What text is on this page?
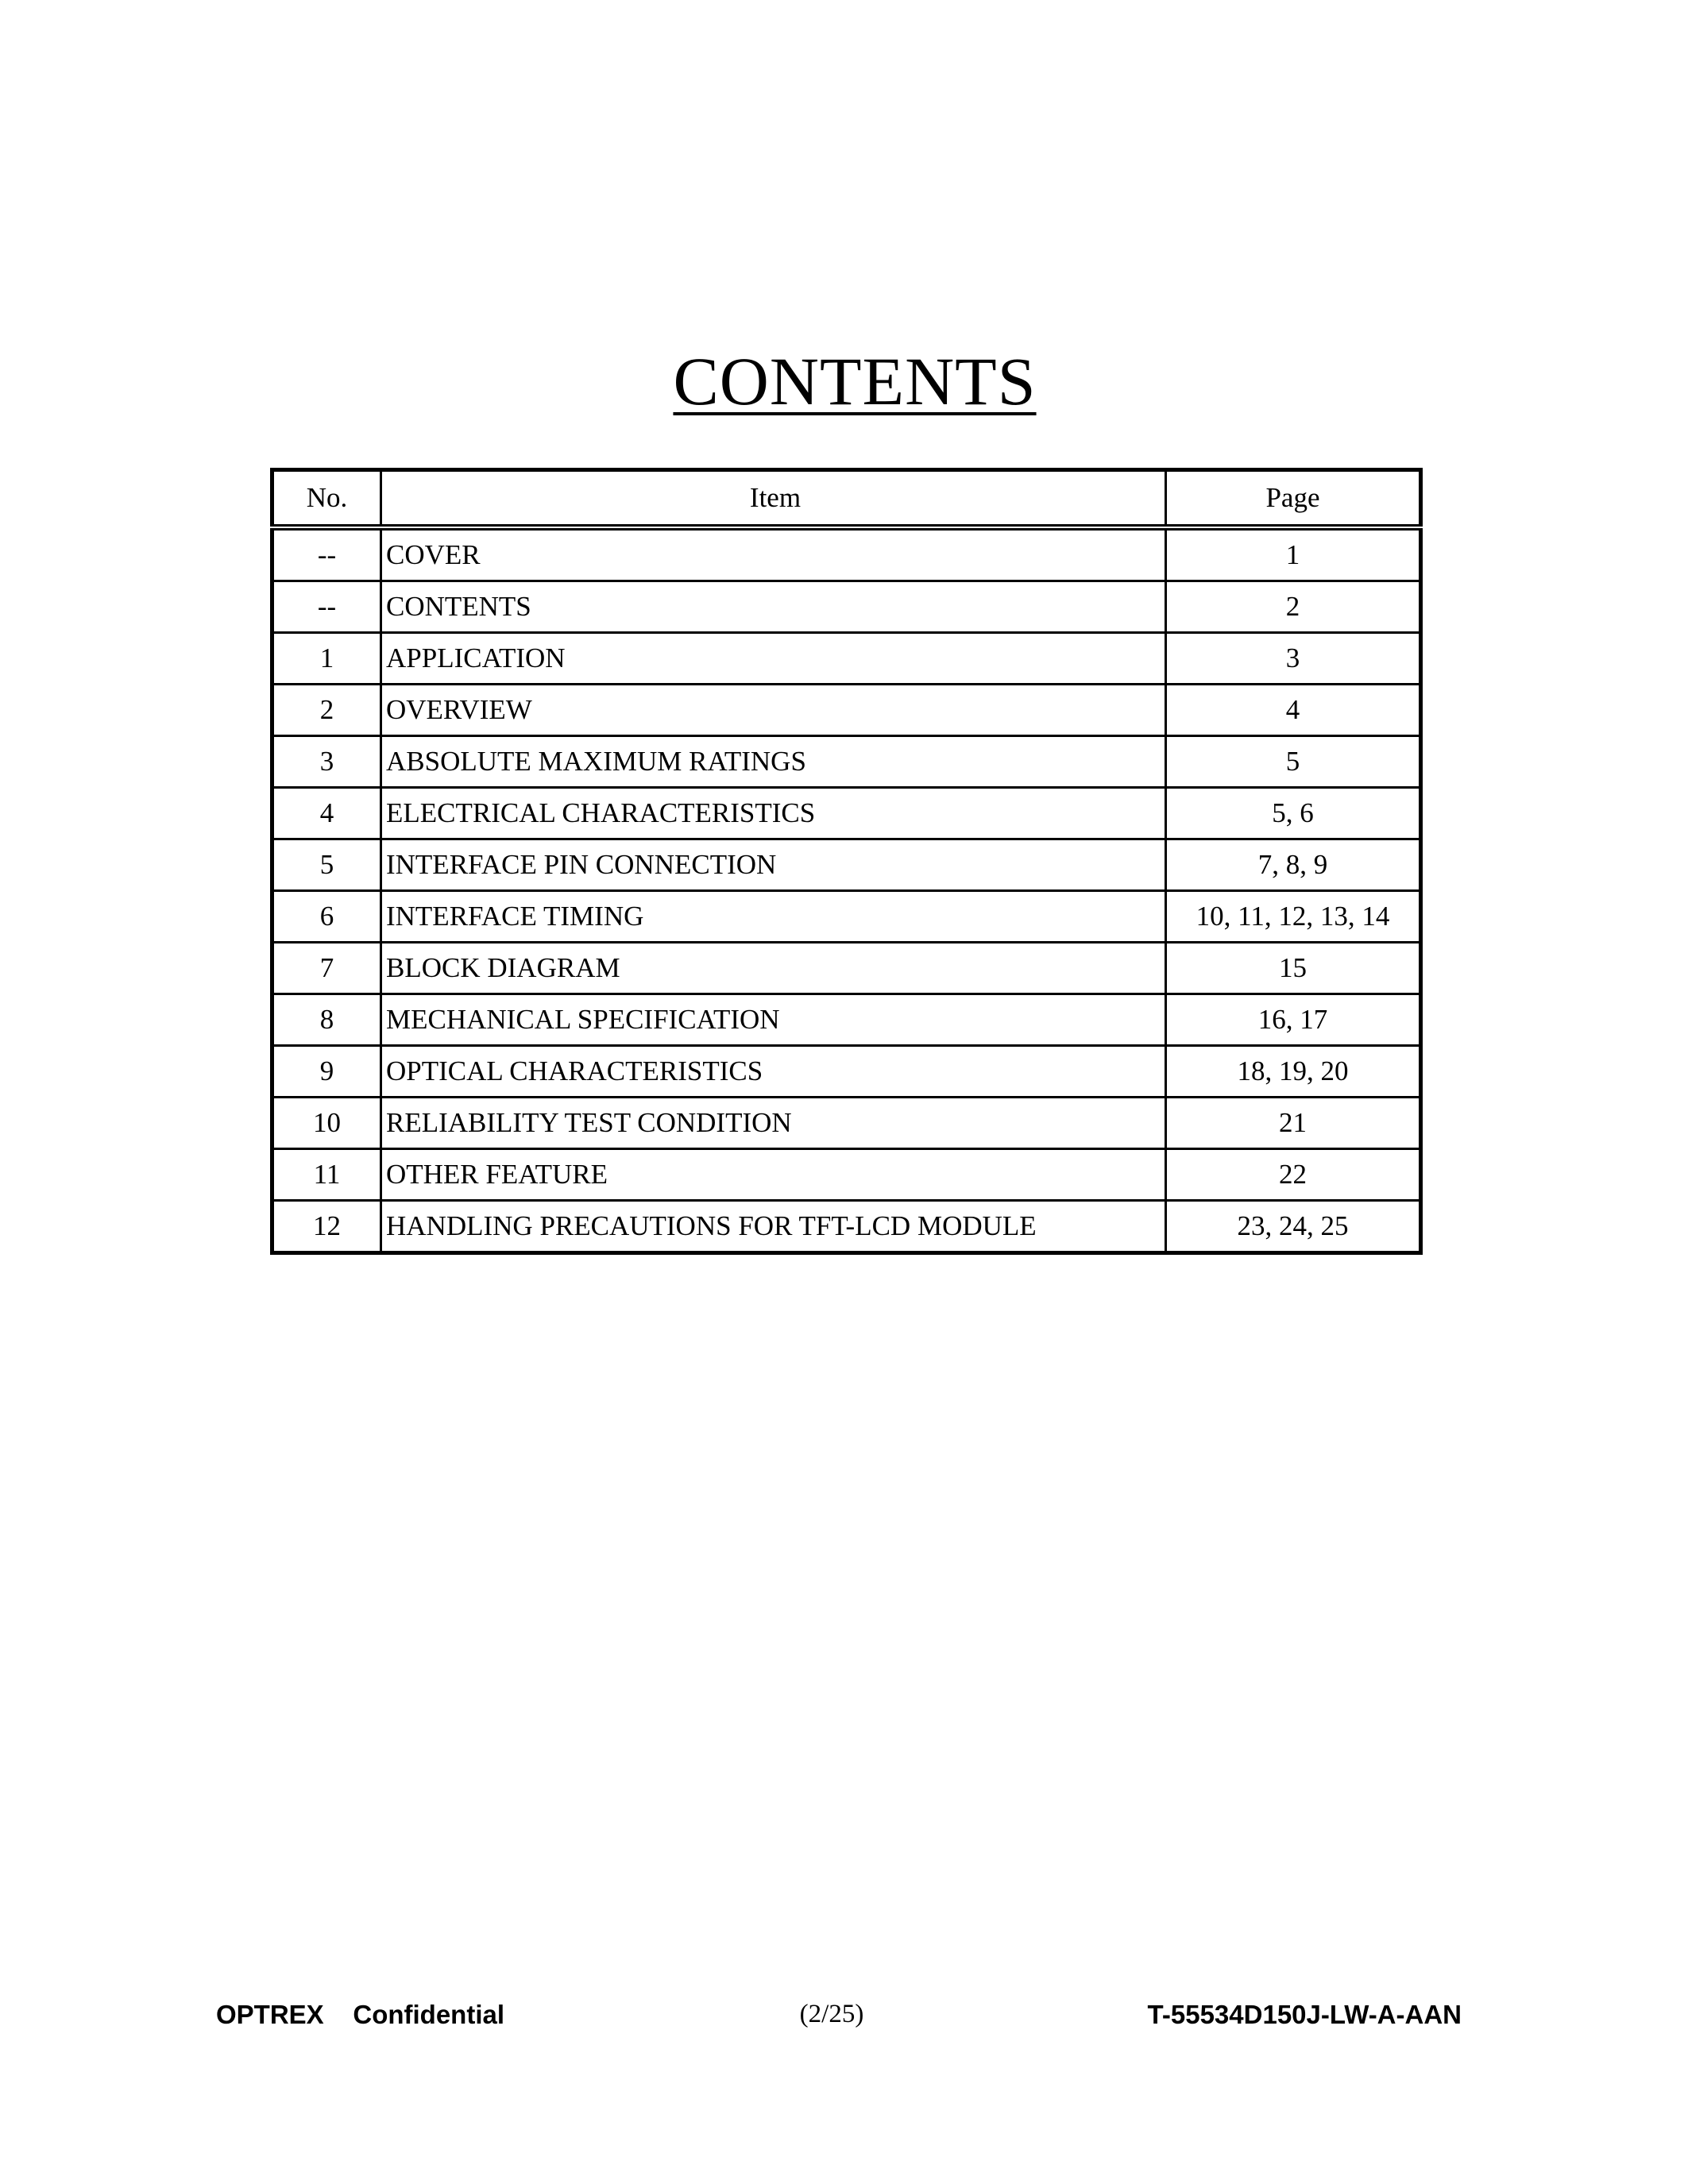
CONTENTS
No.	Item	Page
--	COVER	1
--	CONTENTS	2
1	APPLICATION	3
2	OVERVIEW	4
3	ABSOLUTE MAXIMUM RATINGS	5
4	ELECTRICAL CHARACTERISTICS	5, 6
5	INTERFACE PIN CONNECTION	7, 8, 9
6	INTERFACE TIMING	10, 11, 12, 13, 14
7	BLOCK DIAGRAM	15
8	MECHANICAL SPECIFICATION	16, 17
9	OPTICAL CHARACTERISTICS	18, 19, 20
10	RELIABILITY TEST CONDITION	21
11	OTHER FEATURE	22
12	HANDLING PRECAUTIONS FOR TFT-LCD MODULE	23, 24, 25
OPTREX    Confidential	(2/25)	T-55534D150J-LW-A-AAN
